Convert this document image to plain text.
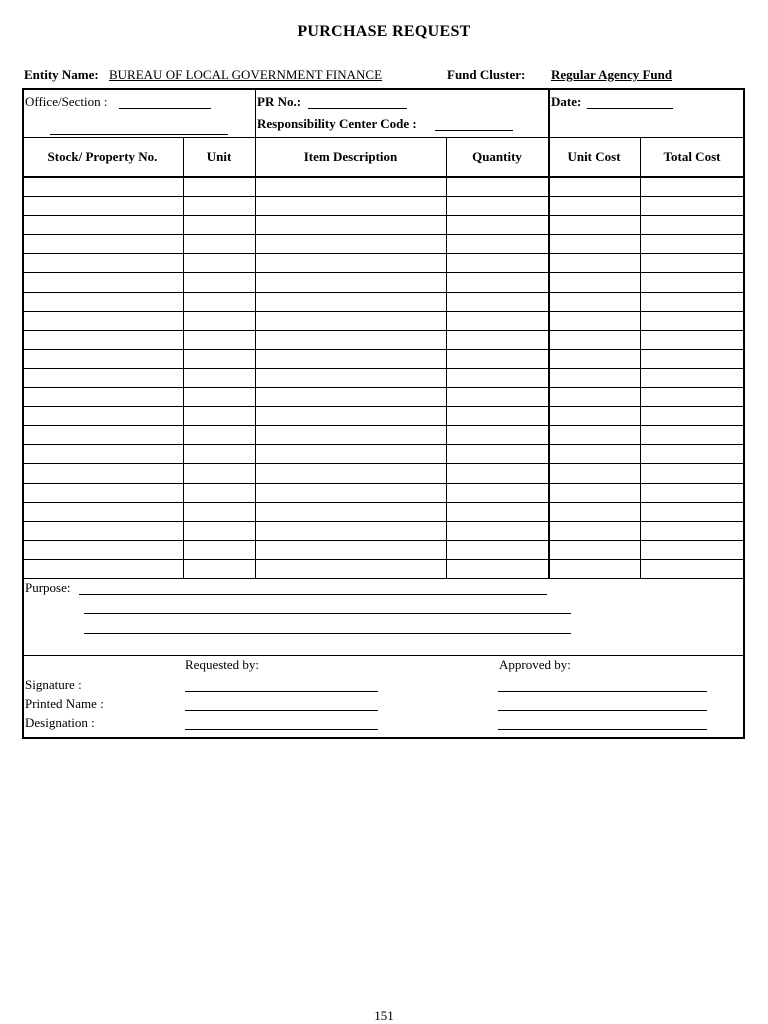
PURCHASE REQUEST
Entity Name: BUREAU OF LOCAL GOVERNMENT FINANCE	Fund Cluster: Regular Agency Fund
Office/Section :	PR No.:
Responsibility Center Code :
Date:
Stock/ Property No.	Unit	Item Description	Quantity	Unit Cost	Total Cost
Purpose:
Requested by:	Approved by:
Signature :
Printed Name :
Designation :
151
